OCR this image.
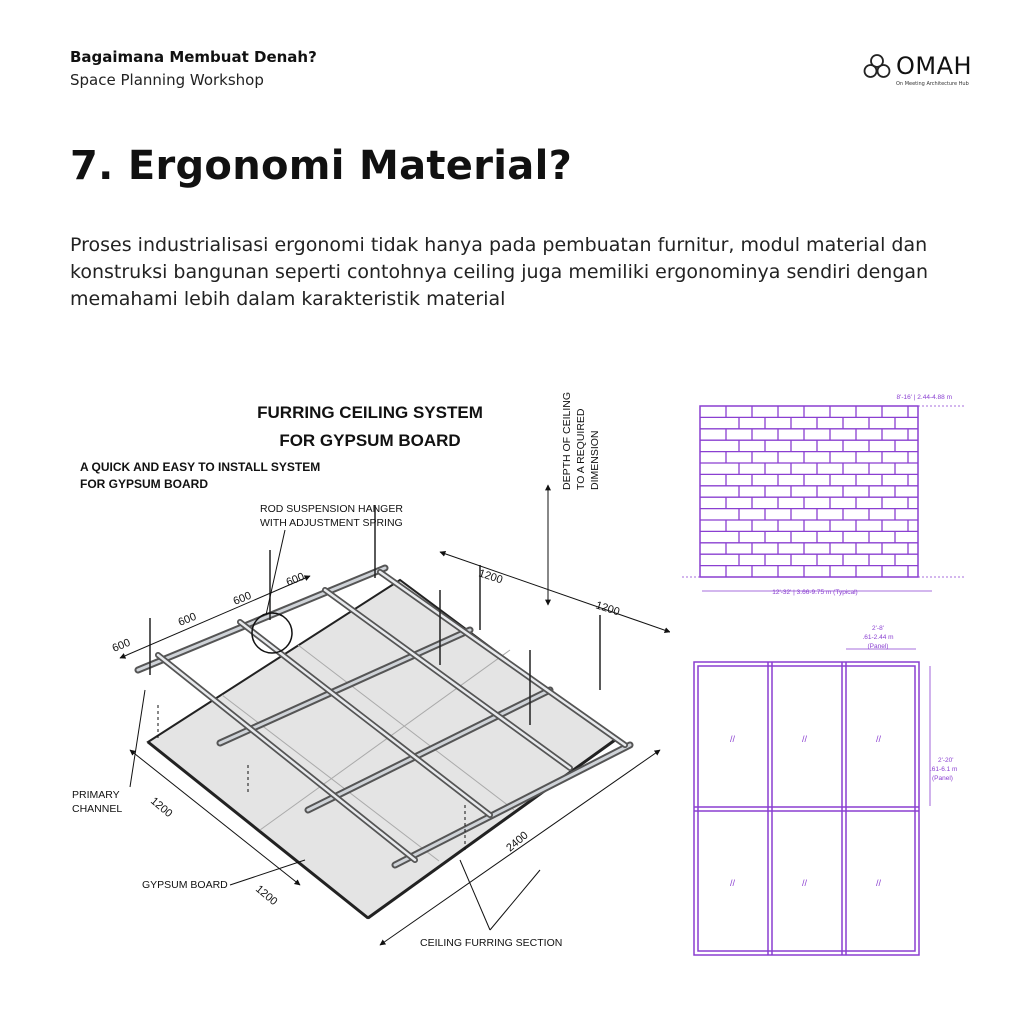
Bagaimana Membuat Denah?
Space Planning Workshop	OMAH
On Meeting Architecture Hub
7. Ergonomi Material?

Proses industrialisasi ergonomi tidak hanya pada pembuatan furnitur, modul material dan konstruksi bangunan seperti contohnya ceiling juga memiliki ergonominya sendiri dengan memahami lebih dalam karakteristik material

FURRING CEILING SYSTEM
FOR GYPSUM BOARD
A QUICK AND EASY TO INSTALL SYSTEM
FOR GYPSUM BOARD
600
600
600
600	1200
1200
1200
1200
2400
ROD SUSPENSION HANGER
WITH ADJUSTMENT SPRING
DEPTH OF CEILING TO A REQUIRED DIMENSION
PRIMARY
CHANNEL
GYPSUM BOARD
CEILING FURRING SECTION
8'-16' | 2.44-4.88 m
12'-32' | 3.66-9.75 m (Typical)
2'-8'
.61-2.44 m
(Panel)
2'-20'
.61-6.1 m
(Panel)
//	//	//
//	//	//
